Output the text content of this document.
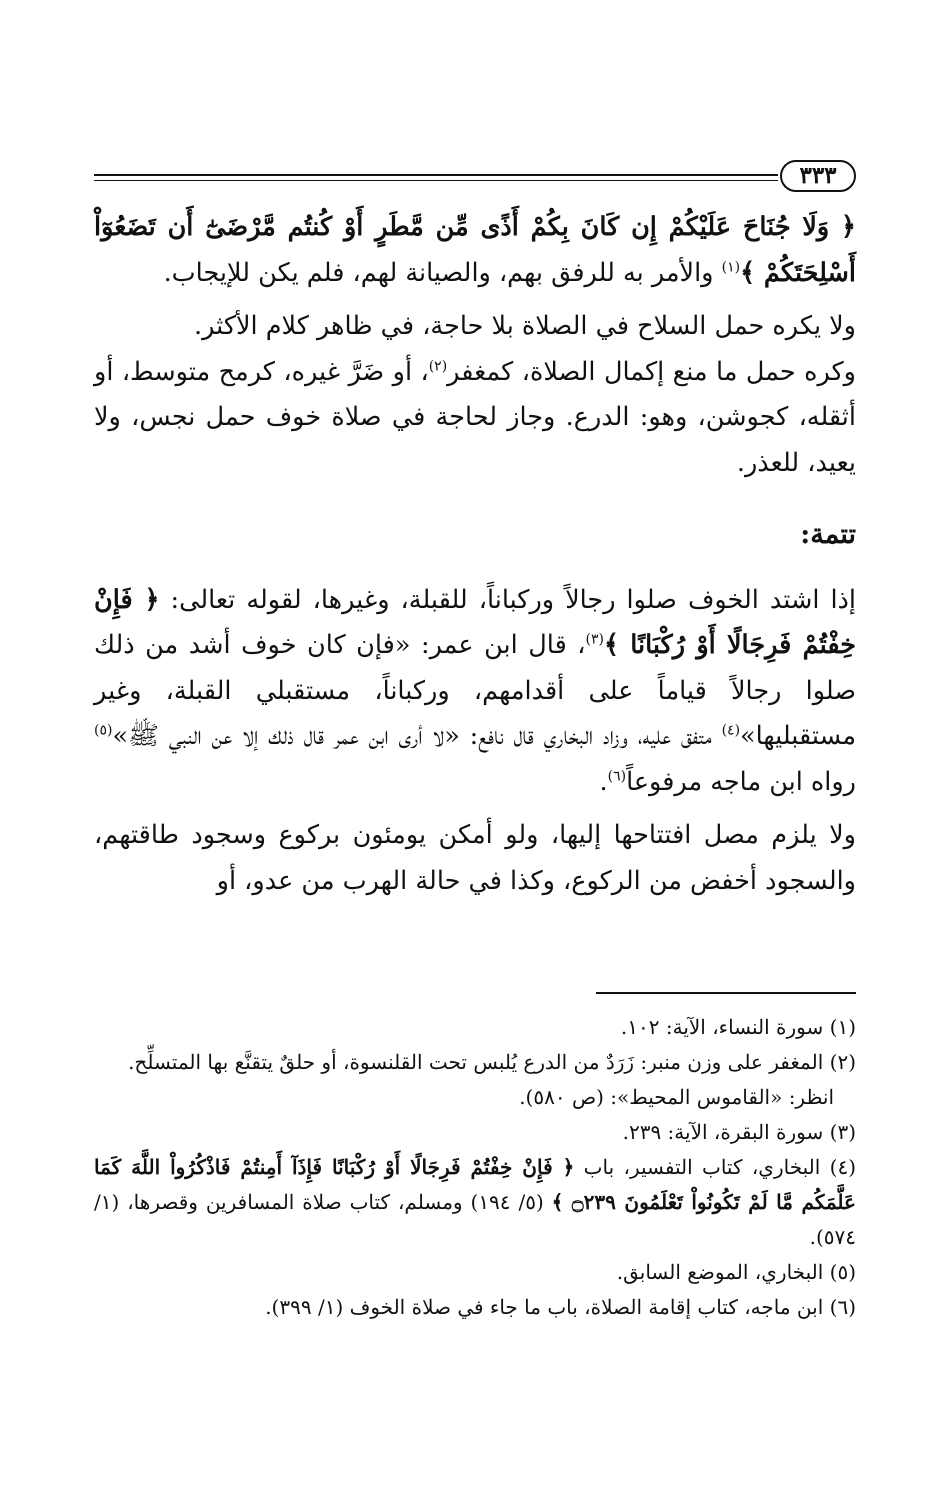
٣٣٣

﴿ وَلَا جُنَاحَ عَلَيْكُمْ إِن كَانَ بِكُمْ أَذًى مِّن مَّطَرٍ أَوْ كُنتُم مَّرْضَىٰٓ أَن تَضَعُوٓاْ أَسْلِحَتَكُمْ ﴾$^{(١)}$ والأمر به للرفق بهم، والصيانة لهم، فلم يكن للإيجاب.

ولا يكره حمل السلاح في الصلاة بلا حاجة، في ظاهر كلام الأكثر.

وكره حمل ما منع إكمال الصلاة، كمغفر$^{(٢)}$، أو ضَرَّ غيره، كرمح متوسط، أو أثقله، كجوشن، وهو: الدرع. وجاز لحاجة في صلاة خوف حمل نجس، ولا يعيد، للعذر.

تتمة:

إذا اشتد الخوف صلوا رجالاً وركباناً، للقبلة، وغيرها، لقوله تعالى: ﴿ فَإِنْ خِفْتُمْ فَرِجَالًا أَوْ رُكْبَانًا ﴾$^{(٣)}$، قال ابن عمر: «فإن كان خوف أشد من ذلك صلوا رجالاً قياماً على أقدامهم، وركباناً، مستقبلي القبلة، وغير مستقبليها»$^{(٤)}$ متفق عليه، وزاد البخاري قال نافع: «لا أرى ابن عمر قال ذلك إلا عن النبي ﷺ»$^{(٥)}$ رواه ابن ماجه مرفوعاً$^{(٦)}$.

ولا يلزم مصل افتتاحها إليها، ولو أمكن يومئون بركوع وسجود طاقتهم، والسجود أخفض من الركوع، وكذا في حالة الهرب من عدو، أو

(١) سورة النساء، الآية: ١٠٢.

(٢) المغفر على وزن منبر: زَرَدٌ من الدرع يُلبس تحت القلنسوة، أو حلقٌ يتقنَّع بها المتسلِّح.

انظر: «القاموس المحيط»: (ص ٥٨٠).

(٣) سورة البقرة، الآية: ٢٣٩.

(٤) البخاري، كتاب التفسير، باب ﴿ فَإِنْ خِفْتُمْ فَرِجَالًا أَوْ رُكْبَانًا فَإِذَآ أَمِنتُمْ فَاذْكُرُواْ اللَّهَ كَمَا عَلَّمَكُم مَّا لَمْ تَكُونُواْ تَعْلَمُونَ ۝٢٣٩ ﴾ (٥/ ١٩٤) ومسلم، كتاب صلاة المسافرين وقصرها، (١/ ٥٧٤).

(٥) البخاري، الموضع السابق.

(٦) ابن ماجه، كتاب إقامة الصلاة، باب ما جاء في صلاة الخوف (١/ ٣٩٩).
